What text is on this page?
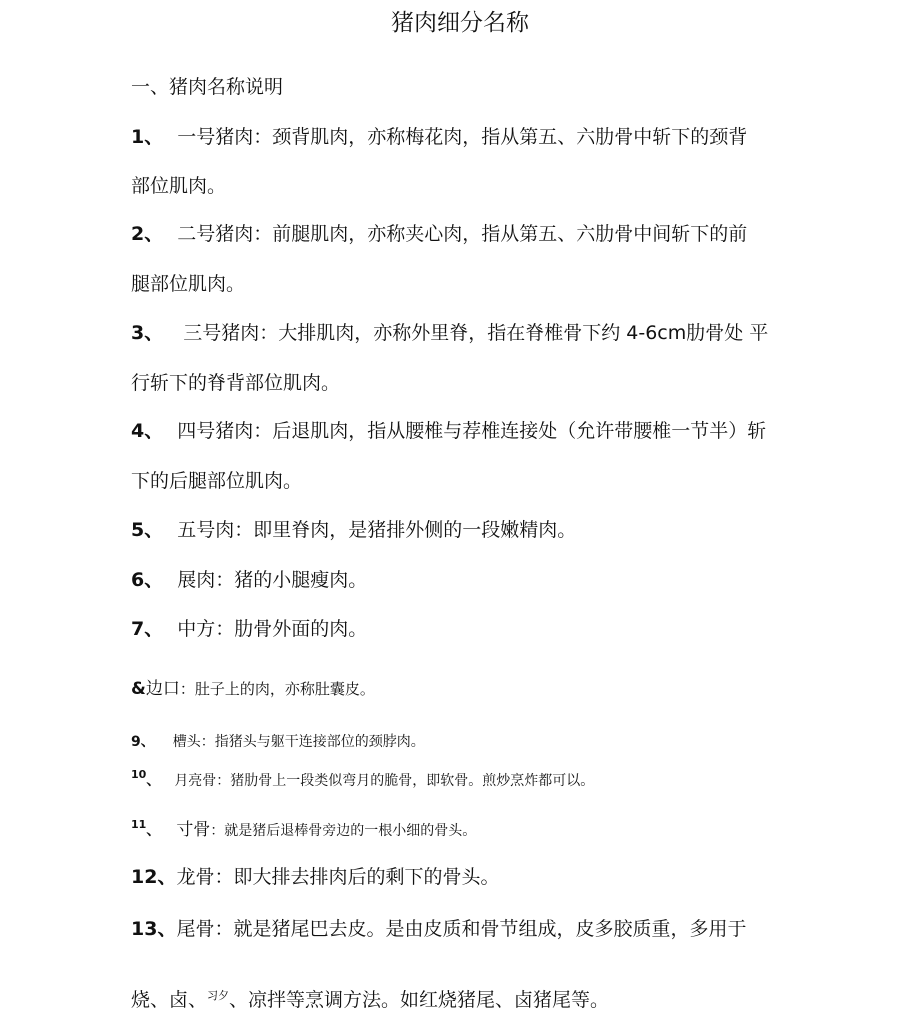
猪肉细分名称
一、猪肉名称说明
1、 一号猪肉：颈背肌肉，亦称梅花肉，指从第五、六肋骨中斩下的颈背
部位肌肉。
2、 二号猪肉：前腿肌肉，亦称夹心肉，指从第五、六肋骨中间斩下的前
腿部位肌肉。
3、 三号猪肉：大排肌肉，亦称外里脊，指在脊椎骨下约 4-6cm肋骨处 平
行斩下的脊背部位肌肉。
4、 四号猪肉：后退肌肉，指从腰椎与荐椎连接处（允许带腰椎一节半）斩
下的后腿部位肌肉。
5、 五号肉：即里脊肉，是猪排外侧的一段嫩精肉。
6、 展肉：猪的小腿瘦肉。
7、 中方：肋骨外面的肉。
&边口：肚子上的肉，亦称肚囊皮。
9、 槽头：指猪头与躯干连接部位的颈脖肉。
$^{10}$、 月亮骨：猪肋骨上一段类似弯月的脆骨，即软骨。煎炒烹炸都可以。
$^{11}$、 寸骨：就是猪后退棒骨旁边的一根小细的骨头。
12、龙骨：即大排去排肉后的剩下的骨头。
13、尾骨：就是猪尾巴去皮。是由皮质和骨节组成，皮多胶质重，多用于
烧、卤、$^{习夕}$、凉拌等烹调方法。如红烧猪尾、卤猪尾等。
